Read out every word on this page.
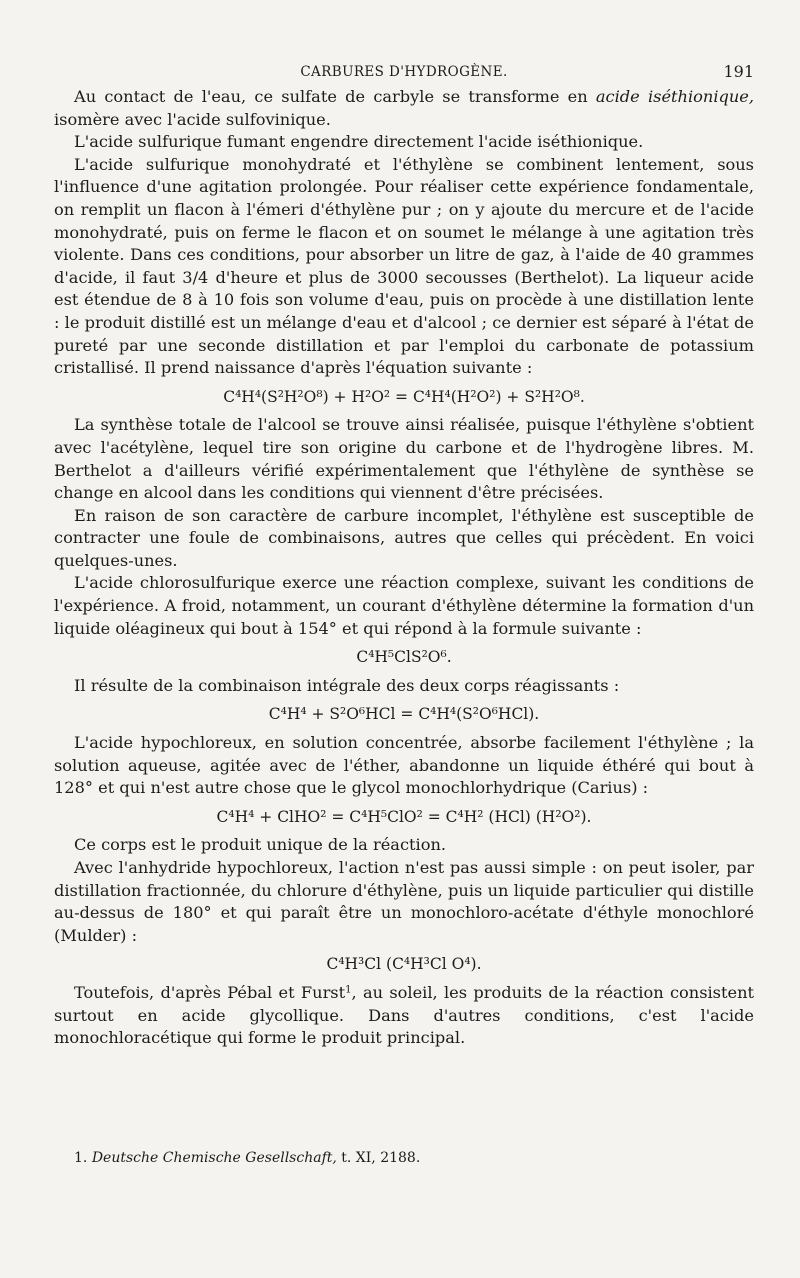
CARBURES D'HYDROGÈNE.	191

Au contact de l'eau, ce sulfate de carbyle se transforme en acide iséthionique, isomère avec l'acide sulfovinique.

L'acide sulfurique fumant engendre directement l'acide iséthionique.

L'acide sulfurique monohydraté et l'éthylène se combinent lentement, sous l'influence d'une agitation prolongée. Pour réaliser cette expérience fondamentale, on remplit un flacon à l'émeri d'éthylène pur ; on y ajoute du mercure et de l'acide monohydraté, puis on ferme le flacon et on soumet le mélange à une agitation très violente. Dans ces conditions, pour absorber un litre de gaz, à l'aide de 40 grammes d'acide, il faut 3/4 d'heure et plus de 3000 secousses (Berthelot). La liqueur acide est étendue de 8 à 10 fois son volume d'eau, puis on procède à une distillation lente : le produit distillé est un mélange d'eau et d'alcool ; ce dernier est séparé à l'état de pureté par une seconde distillation et par l'emploi du carbonate de potassium cristallisé. Il prend naissance d'après l'équation suivante :

C⁴H⁴(S²H²O⁸) + H²O² = C⁴H⁴(H²O²) + S²H²O⁸.

La synthèse totale de l'alcool se trouve ainsi réalisée, puisque l'éthylène s'obtient avec l'acétylène, lequel tire son origine du carbone et de l'hydrogène libres. M. Berthelot a d'ailleurs vérifié expérimentalement que l'éthylène de synthèse se change en alcool dans les conditions qui viennent d'être précisées.

En raison de son caractère de carbure incomplet, l'éthylène est susceptible de contracter une foule de combinaisons, autres que celles qui précèdent. En voici quelques-unes.

L'acide chlorosulfurique exerce une réaction complexe, suivant les conditions de l'expérience. A froid, notamment, un courant d'éthylène détermine la formation d'un liquide oléagineux qui bout à 154° et qui répond à la formule suivante :

C⁴H⁵ClS²O⁶.

Il résulte de la combinaison intégrale des deux corps réagissants :

C⁴H⁴ + S²O⁶HCl = C⁴H⁴(S²O⁶HCl).

L'acide hypochloreux, en solution concentrée, absorbe facilement l'éthylène ; la solution aqueuse, agitée avec de l'éther, abandonne un liquide éthéré qui bout à 128° et qui n'est autre chose que le glycol monochlorhydrique (Carius) :

C⁴H⁴ + ClHO² = C⁴H⁵ClO² = C⁴H² (HCl) (H²O²).

Ce corps est le produit unique de la réaction.

Avec l'anhydride hypochloreux, l'action n'est pas aussi simple : on peut isoler, par distillation fractionnée, du chlorure d'éthylène, puis un liquide particulier qui distille au-dessus de 180° et qui paraît être un monochloro-acétate d'éthyle monochloré (Mulder) :

C⁴H³Cl (C⁴H³Cl O⁴).

Toutefois, d'après Pébal et Furst$^1$, au soleil, les produits de la réaction consistent surtout en acide glycollique. Dans d'autres conditions, c'est l'acide monochloracétique qui forme le produit principal.

1. Deutsche Chemische Gesellschaft, t. XI, 2188.
